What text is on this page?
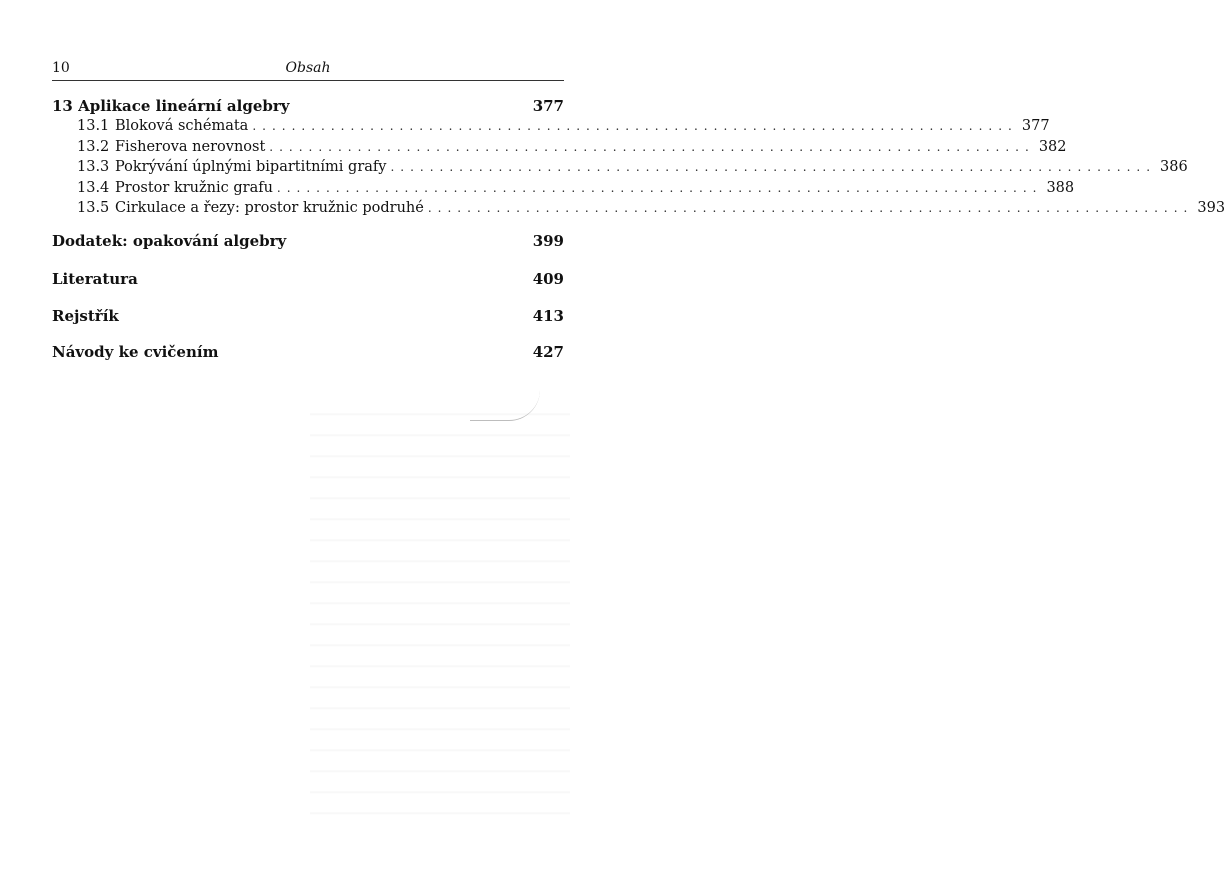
10	Obsah
13 Aplikace lineární algebry	377
13.1 Bloková schémata .............................................................................. 377
13.2 Fisherova nerovnost .............................................................................. 382
13.3 Pokrývání úplnými bipartitními grafy .............................................................................. 386
13.4 Prostor kružnic grafu .............................................................................. 388
13.5 Cirkulace a řezy: prostor kružnic podruhé .............................................................................. 393
Dodatek: opakování algebry	399
Literatura	409
Rejstřík	413
Návody ke cvičením	427
